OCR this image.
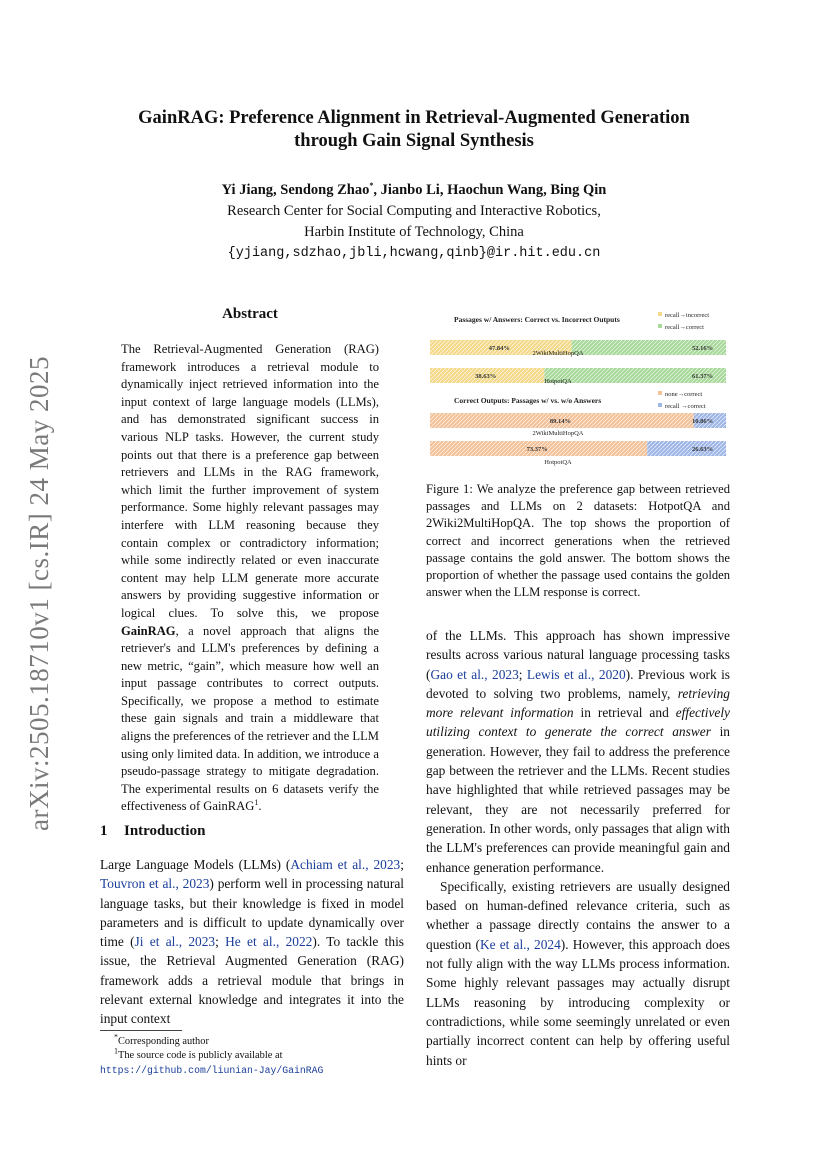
arXiv:2505.18710v1 [cs.IR] 24 May 2025
GainRAG: Preference Alignment in Retrieval-Augmented Generation
through Gain Signal Synthesis
Yi Jiang, Sendong Zhao*, Jianbo Li, Haochun Wang, Bing Qin
Research Center for Social Computing and Interactive Robotics,
Harbin Institute of Technology, China
{yjiang,sdzhao,jbli,hcwang,qinb}@ir.hit.edu.cn
Abstract
The Retrieval-Augmented Generation (RAG) framework introduces a retrieval module to dynamically inject retrieved information into the input context of large language models (LLMs), and has demonstrated significant success in various NLP tasks. However, the current study points out that there is a preference gap between retrievers and LLMs in the RAG framework, which limit the further improvement of system performance. Some highly relevant passages may interfere with LLM reasoning because they contain complex or contradictory information; while some indirectly related or even inaccurate content may help LLM generate more accurate answers by providing suggestive information or logical clues. To solve this, we propose GainRAG, a novel approach that aligns the retriever's and LLM's preferences by defining a new metric, “gain”, which measure how well an input passage contributes to correct outputs. Specifically, we propose a method to estimate these gain signals and train a middleware that aligns the preferences of the retriever and the LLM using only limited data. In addition, we introduce a pseudo-passage strategy to mitigate degradation. The experimental results on 6 datasets verify the effectiveness of GainRAG$^1$.
1 Introduction

Large Language Models (LLMs) (Achiam et al., 2023; Touvron et al., 2023) perform well in processing natural language tasks, but their knowledge is fixed in model parameters and is difficult to update dynamically over time (Ji et al., 2023; He et al., 2022). To tackle this issue, the Retrieval Augmented Generation (RAG) framework adds a retrieval module that brings in relevant external knowledge and integrates it into the input context

*Corresponding author
$^1$The source code is publicly available at https://github.com/liunian-Jay/GainRAG
Passages w/ Answers: Correct vs. Incorrect Outputs	recall→incorrect
recall→correct
47.84%	52.16%
2WikiMultiHopQA
38.63%	61.37%
HotpotQA
Correct Outputs: Passages w/ vs. w/o Answers
none→correct
recall →correct
89.14%	10.86%
2WikiMultiHopQA
73.37%	26.63%
HotpotQA
Figure 1: We analyze the preference gap between retrieved passages and LLMs on 2 datasets: HotpotQA and 2Wiki2MultiHopQA. The top shows the proportion of correct and incorrect generations when the retrieved passage contains the gold answer. The bottom shows the proportion of whether the passage used contains the golden answer when the LLM response is correct.

of the LLMs. This approach has shown impressive results across various natural language processing tasks (Gao et al., 2023; Lewis et al., 2020). Previous work is devoted to solving two problems, namely, retrieving more relevant information in retrieval and effectively utilizing context to generate the correct answer in generation. However, they fail to address the preference gap between the retriever and the LLMs. Recent studies have highlighted that while retrieved passages may be relevant, they are not necessarily preferred for generation. In other words, only passages that align with the LLM's preferences can provide meaningful gain and enhance generation performance.

Specifically, existing retrievers are usually designed based on human-defined relevance criteria, such as whether a passage directly contains the answer to a question (Ke et al., 2024). However, this approach does not fully align with the way LLMs process information. Some highly relevant passages may actually disrupt LLMs reasoning by introducing complexity or contradictions, while some seemingly unrelated or even partially incorrect content can help by offering useful hints or
